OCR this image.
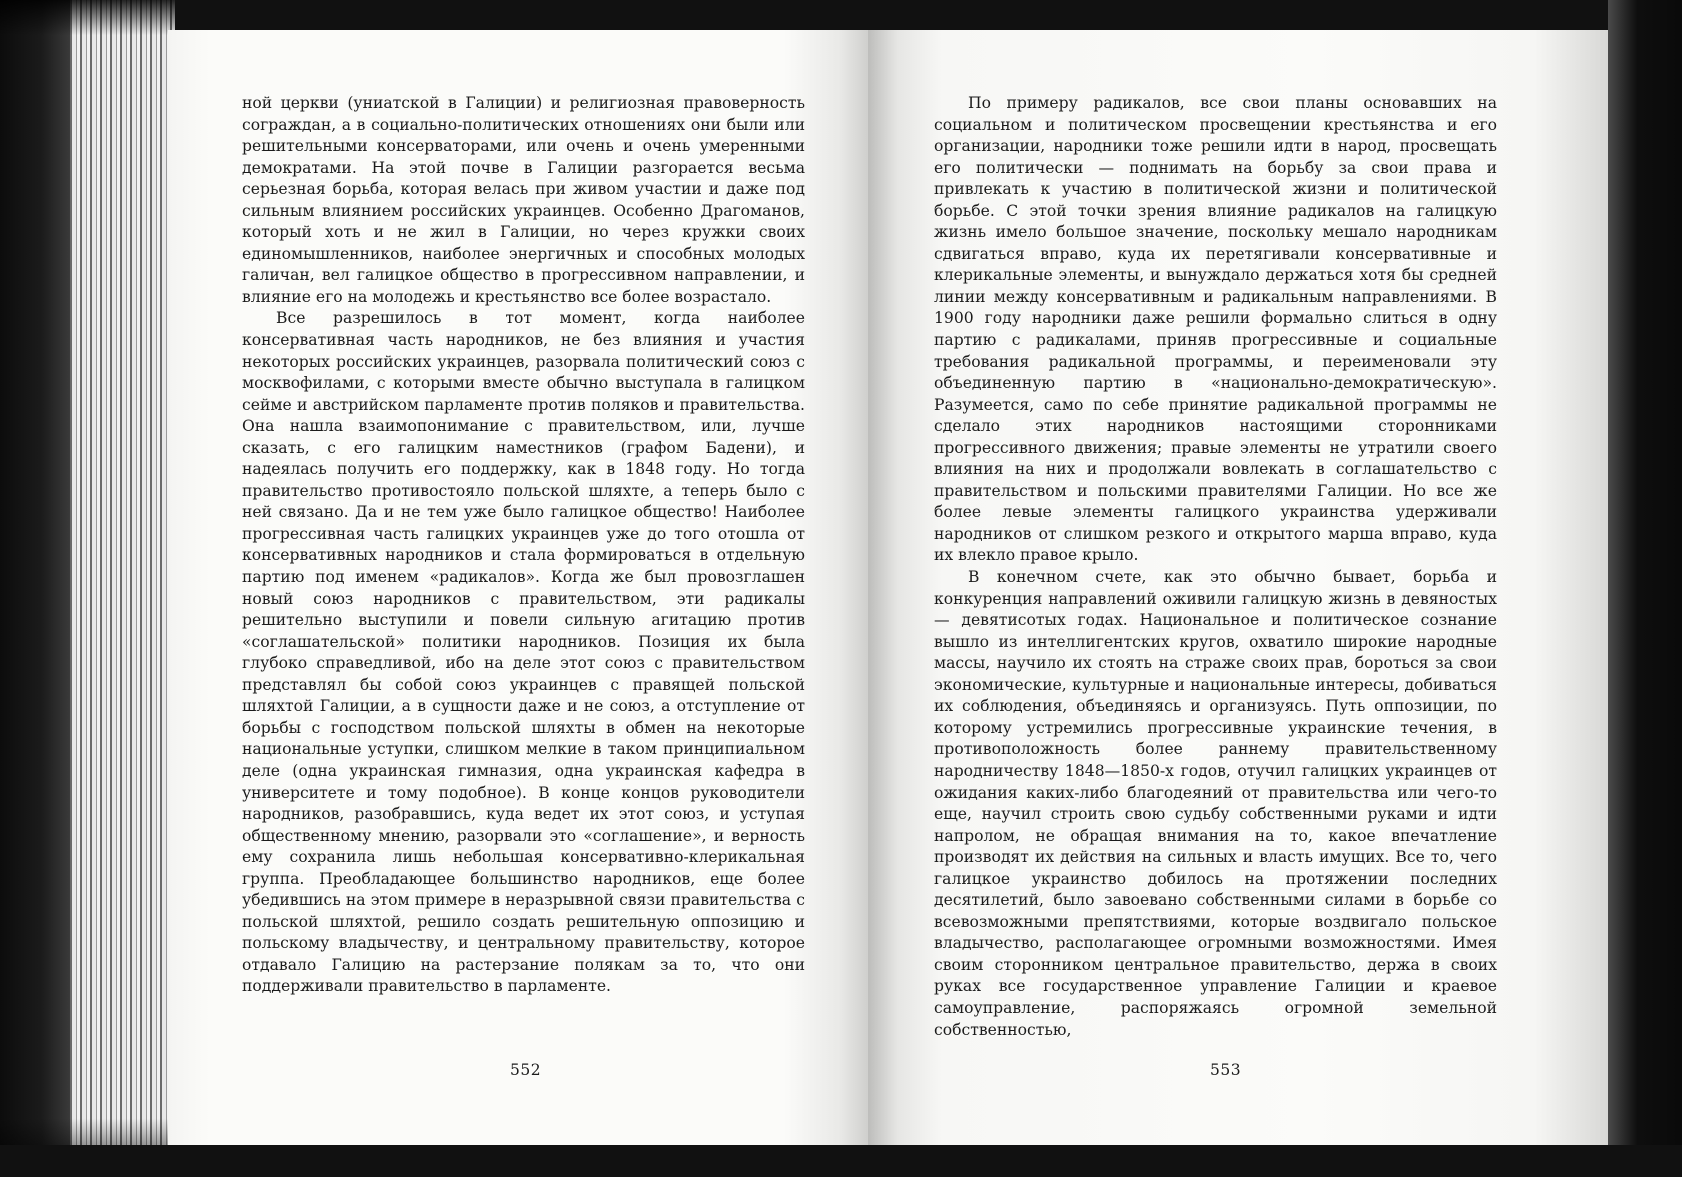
ной церкви (униатской в Галиции) и религиозная правоверность сограждан, а в социально-политических отношениях они были или решительными консерваторами, или очень и очень умеренными демократами. На этой почве в Галиции разгорается весьма серьезная борьба, которая велась при живом участии и даже под сильным влиянием российских украинцев. Особенно Драгоманов, который хоть и не жил в Галиции, но через кружки своих единомышленников, наиболее энергичных и способных молодых галичан, вел галицкое общество в прогрессивном направлении, и влияние его на молодежь и крестьянство все более возрастало.

Все разрешилось в тот момент, когда наиболее консервативная часть народников, не без влияния и участия некоторых российских украинцев, разорвала политический союз с москвофилами, с которыми вместе обычно выступала в галицком сейме и австрийском парламенте против поляков и правительства. Она нашла взаимопонимание с правительством, или, лучше сказать, с его галицким наместников (графом Бадени), и надеялась получить его поддержку, как в 1848 году. Но тогда правительство противостояло польской шляхте, а теперь было с ней связано. Да и не тем уже было галицкое общество! Наиболее прогрессивная часть галицких украинцев уже до того отошла от консервативных народников и стала формироваться в отдельную партию под именем «радикалов». Когда же был провозглашен новый союз народников с правительством, эти радикалы решительно выступили и повели сильную агитацию против «соглашательской» политики народников. Позиция их была глубоко справедливой, ибо на деле этот союз с правительством представлял бы собой союз украинцев с правящей польской шляхтой Галиции, а в сущности даже и не союз, а отступление от борьбы с господством польской шляхты в обмен на некоторые национальные уступки, слишком мелкие в таком принципиальном деле (одна украинская гимназия, одна украинская кафедра в университете и тому подобное). В конце концов руководители народников, разобравшись, куда ведет их этот союз, и уступая общественному мнению, разорвали это «соглашение», и верность ему сохранила лишь небольшая консервативно-клерикальная группа. Преобладающее большинство народников, еще более убедившись на этом примере в неразрывной связи правительства с польской шляхтой, решило создать решительную оппозицию и польскому владычеству, и центральному правительству, которое отдавало Галицию на растерзание полякам за то, что они поддерживали правительство в парламенте.

552

По примеру радикалов, все свои планы основавших на социальном и политическом просвещении крестьянства и его организации, народники тоже решили идти в народ, просвещать его политически — поднимать на борьбу за свои права и привлекать к участию в политической жизни и политической борьбе. С этой точки зрения влияние радикалов на галицкую жизнь имело большое значение, поскольку мешало народникам сдвигаться вправо, куда их перетягивали консервативные и клерикальные элементы, и вынуждало держаться хотя бы средней линии между консервативным и радикальным направлениями. В 1900 году народники даже решили формально слиться в одну партию с радикалами, приняв прогрессивные и социальные требования радикальной программы, и переименовали эту объединенную партию в «национально-демократическую». Разумеется, само по себе принятие радикальной программы не сделало этих народников настоящими сторонниками прогрессивного движения; правые элементы не утратили своего влияния на них и продолжали вовлекать в соглашательство с правительством и польскими правителями Галиции. Но все же более левые элементы галицкого украинства удерживали народников от слишком резкого и открытого марша вправо, куда их влекло правое крыло.

В конечном счете, как это обычно бывает, борьба и конкуренция направлений оживили галицкую жизнь в девяностых — девятисотых годах. Национальное и политическое сознание вышло из интеллигентских кругов, охватило широкие народные массы, научило их стоять на страже своих прав, бороться за свои экономические, культурные и национальные интересы, добиваться их соблюдения, объединяясь и организуясь. Путь оппозиции, по которому устремились прогрессивные украинские течения, в противоположность более раннему правительственному народничеству 1848—1850-х годов, отучил галицких украинцев от ожидания каких-либо благодеяний от правительства или чего-то еще, научил строить свою судьбу собственными руками и идти напролом, не обращая внимания на то, какое впечатление производят их действия на сильных и власть имущих. Все то, чего галицкое украинство добилось на протяжении последних десятилетий, было завоевано собственными силами в борьбе со всевозможными препятствиями, которые воздвигало польское владычество, располагающее огромными возможностями. Имея своим сторонником центральное правительство, держа в своих руках все государственное управление Галиции и краевое самоуправление, распоряжаясь огромной земельной собственностью,

553
